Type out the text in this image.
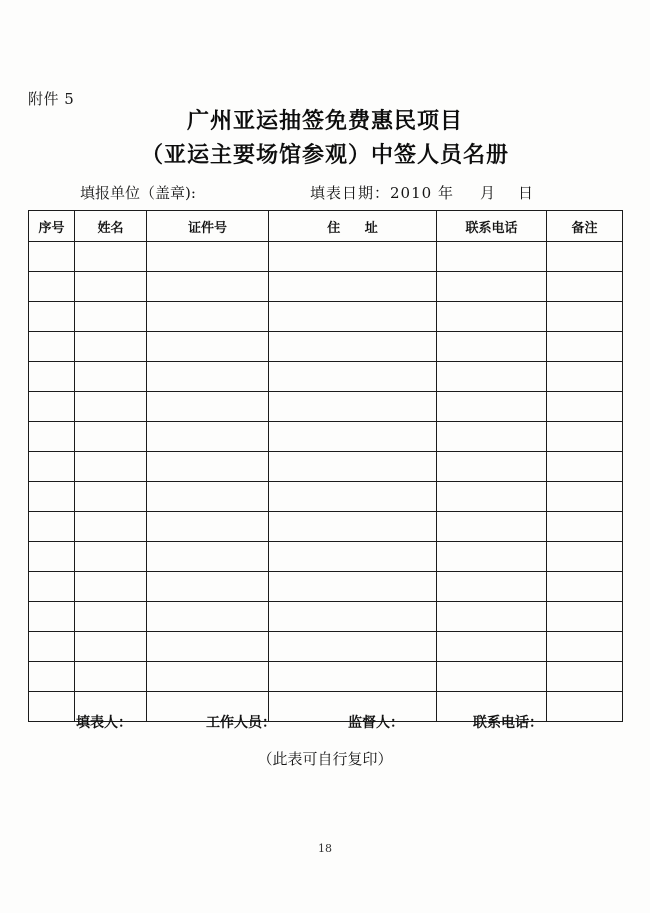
附件 5
广州亚运抽签免费惠民项目
（亚运主要场馆参观）中签人员名册
填报单位（盖章):	填表日期：2010 年 月 日
序号	姓名	证件号	住 址	联系电话	备注

填表人：	工作人员：	监督人：	联系电话：
（此表可自行复印）
18
